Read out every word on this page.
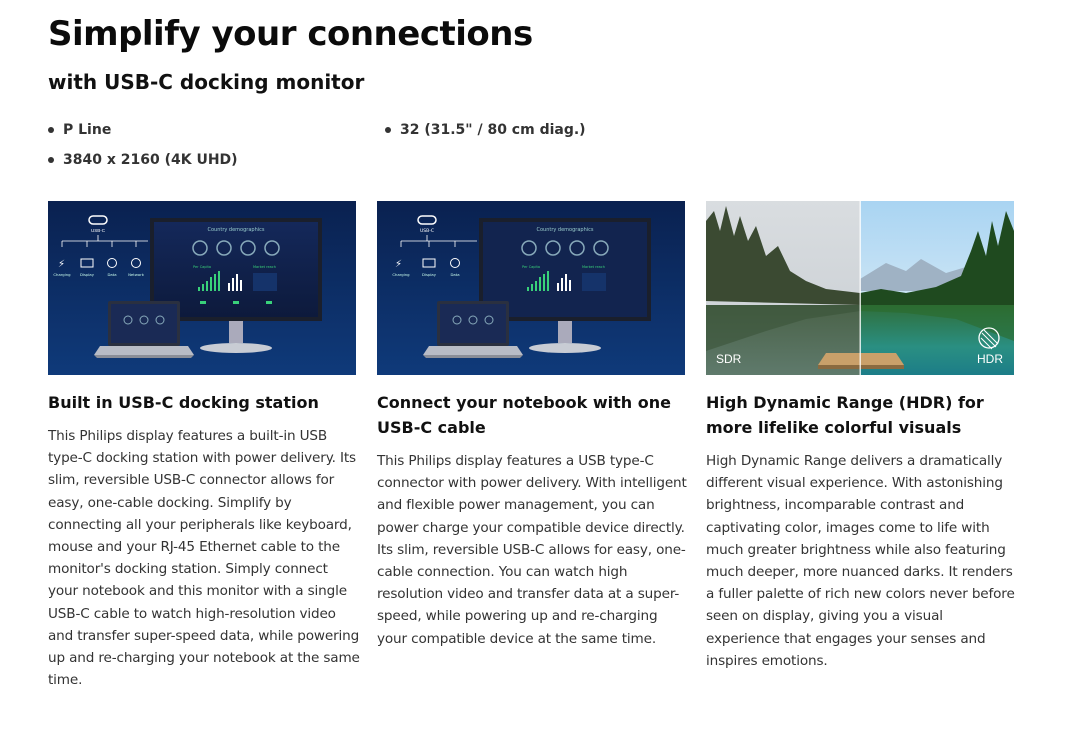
Simplify your connections
with USB-C docking monitor
P Line	32 (31.5" / 80 cm diag.)
3840 x 2160 (4K UHD)
USB-C
⚡
Charging Display	Data	Network
Country demographics
Per Capita	Market reach
Built in USB-C docking station

This Philips display features a built-in USB type-C docking station with power delivery. Its slim, reversible USB-C connector allows for easy, one-cable docking. Simplify by connecting all your peripherals like keyboard, mouse and your RJ-45 Ethernet cable to the monitor's docking station. Simply connect your notebook and this monitor with a single USB-C cable to watch high-resolution video and transfer super-speed data, while powering up and re-charging your notebook at the same time.

USB-C
⚡
Charging	Display	Data
Country demographics
Per Capita	Market reach
Connect your notebook with one USB-C cable

This Philips display features a USB type-C connector with power delivery. With intelligent and flexible power management, you can power charge your compatible device directly. Its slim, reversible USB-C allows for easy, one-cable connection. You can watch high resolution video and transfer data at a super-speed, while powering up and re-charging your compatible device at the same time.

SDR	HDR
High Dynamic Range (HDR) for more lifelike colorful visuals

High Dynamic Range delivers a dramatically different visual experience. With astonishing brightness, incomparable contrast and captivating color, images come to life with much greater brightness while also featuring much deeper, more nuanced darks. It renders a fuller palette of rich new colors never before seen on display, giving you a visual experience that engages your senses and inspires emotions.
